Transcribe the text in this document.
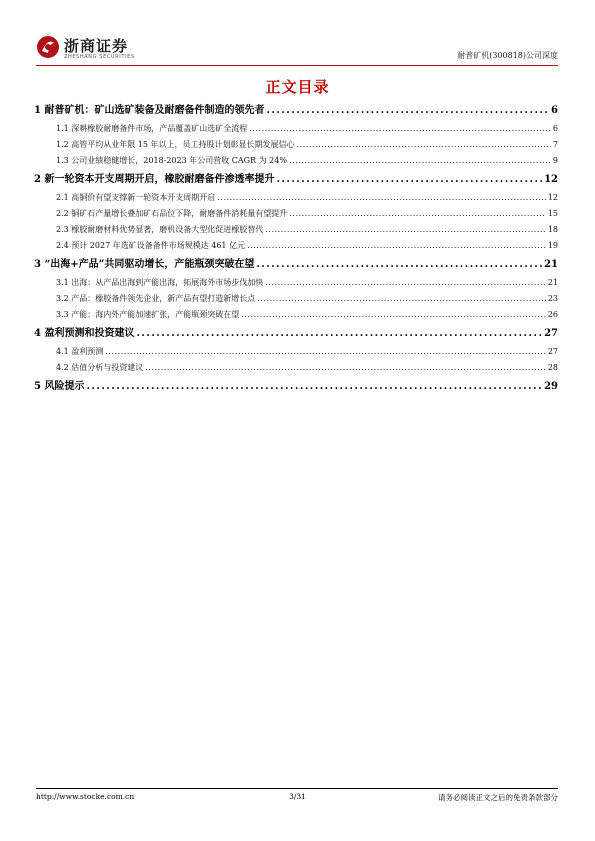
浙商证券
ZHESHANG SECURITIES	耐普矿机(300818)公司深度
正文目录
1 耐普矿机：矿山选矿装备及耐磨备件制造的领先者 . . .	6
1.1 深耕橡胶耐磨备件市场，产品覆盖矿山选矿全流程 . . .	6
1.2 高管平均从业年限 15 年以上，员工持股计划彰显长期发展信心 . . .	7
1.3 公司业绩稳健增长，2018-2023 年公司营收 CAGR 为 24% . . .	9
2 新一轮资本开支周期开启，橡胶耐磨备件渗透率提升 . . .	12
2.1 高铜价有望支撑新一轮资本开支周期开启 . . .	12
2.2 铜矿石产量增长叠加矿石品位下降，耐磨备件消耗量有望提升 . . .	15
2.3 橡胶耐磨材料优势显著，磨机设备大型化促进橡胶替代 . . .	18
2.4 预计 2027 年选矿设备备件市场规模达 461 亿元 . . .	19
3 “出海+产品”共同驱动增长，产能瓶颈突破在望 . . .	21
3.1 出海：从产品出海到产能出海，拓展海外市场步伐加快 . . .	21
3.2 产品：橡胶备件领先企业，新产品有望打造新增长点 . . .	23
3.3 产能：海内外产能加速扩张，产能瓶颈突破在望 . . .	26
4 盈利预测和投资建议 . . .	27
4.1 盈利预测 . . .	27
4.2 估值分析与投资建议 . . .	28
5 风险提示 . . .	29
http://www.stocke.com.cn	3/31	请务必阅读正文之后的免责条款部分
